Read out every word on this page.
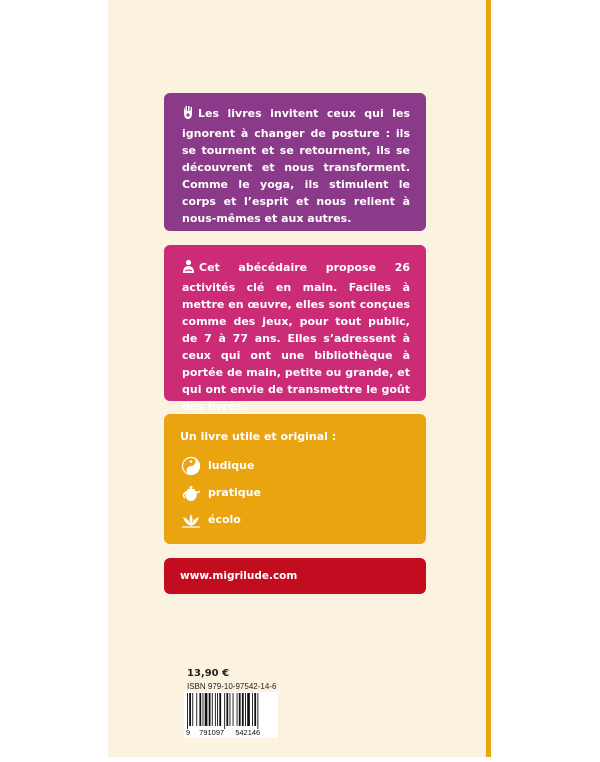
Les livres invitent ceux qui les ignorent à changer de posture : ils se tournent et se retournent, ils se découvrent et nous transforment. Comme le yoga, ils stimulent le corps et l’esprit et nous relient à nous-mêmes et aux autres.

Cet abécédaire propose 26 activités clé en main. Faciles à mettre en œuvre, elles sont conçues comme des jeux, pour tout public, de 7 à 77 ans. Elles s’adressent à ceux qui ont une bibliothèque à portée de main, petite ou grande, et qui ont envie de transmettre le goût des livres.

Un livre utile et original :
ludique
pratique
écolo
www.migrilude.com
13,90 €
ISBN 979-10-97542-14-6
9 791097 542146
